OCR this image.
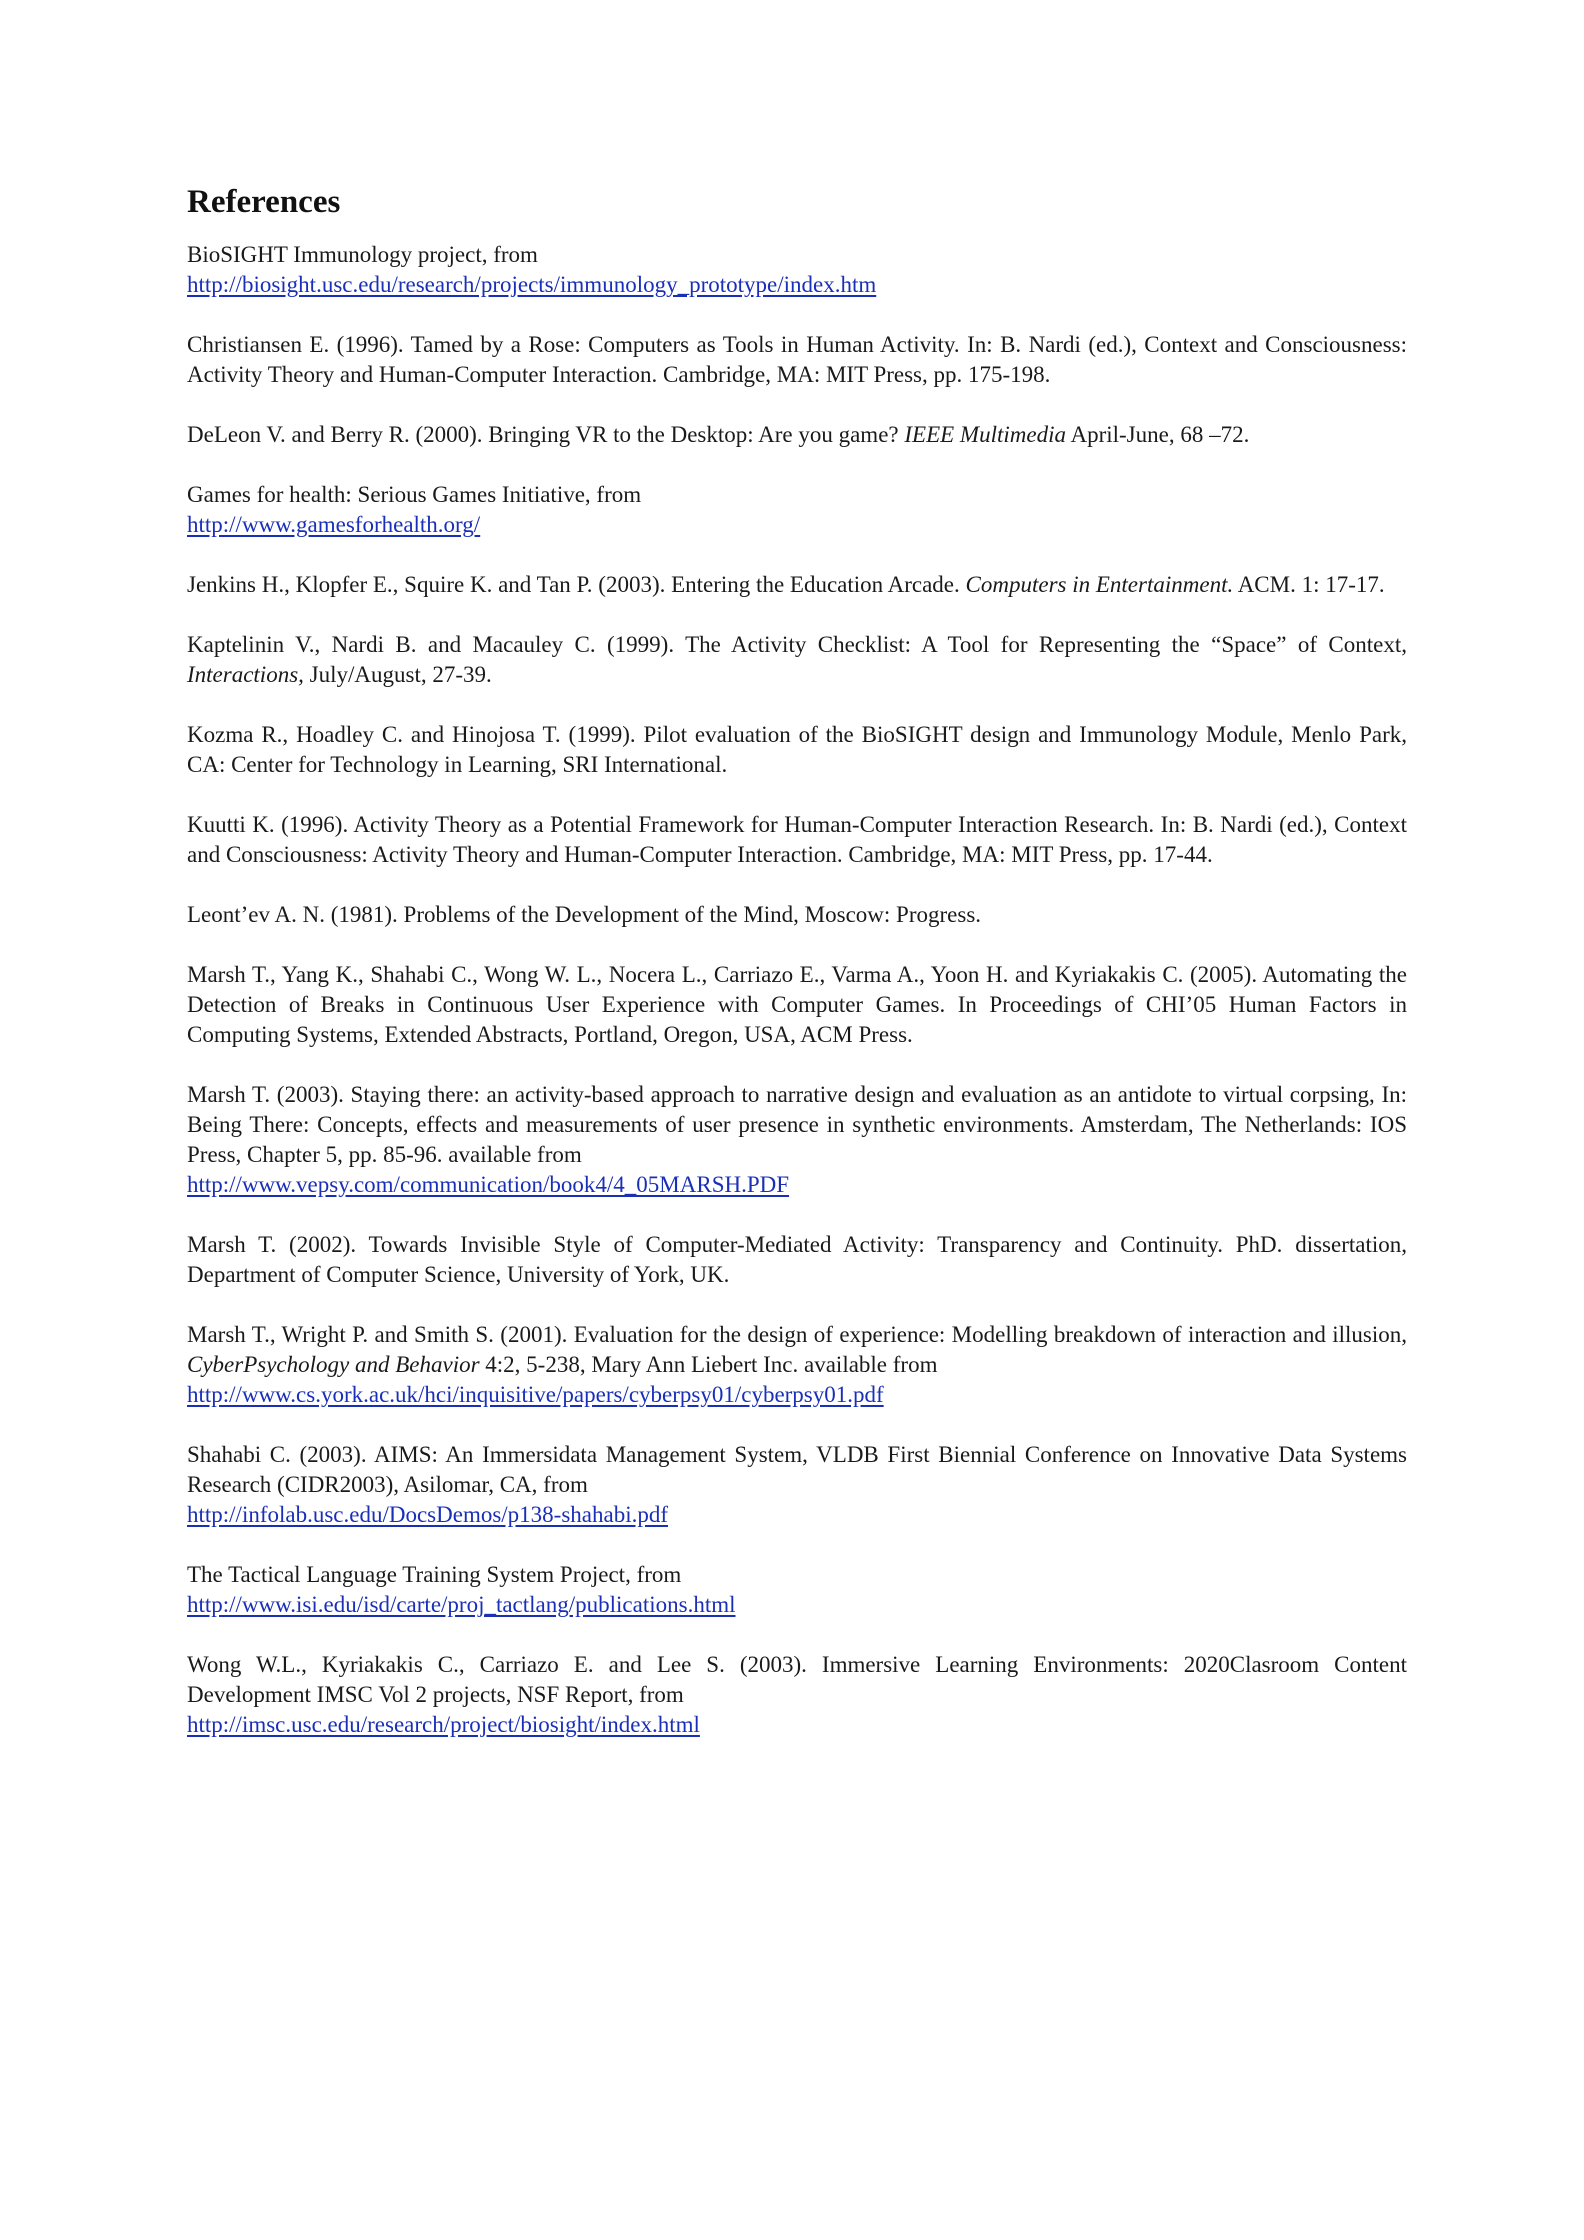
References

BioSIGHT Immunology project, from
http://biosight.usc.edu/research/projects/immunology_prototype/index.htm

Christiansen E. (1996). Tamed by a Rose: Computers as Tools in Human Activity. In: B. Nardi (ed.), Context and Consciousness: Activity Theory and Human-Computer Interaction. Cambridge, MA: MIT Press, pp. 175-198.

DeLeon V. and Berry R. (2000). Bringing VR to the Desktop: Are you game? IEEE Multimedia April-June, 68 –72.

Games for health: Serious Games Initiative, from
http://www.gamesforhealth.org/

Jenkins H., Klopfer E., Squire K. and Tan P. (2003). Entering the Education Arcade. Computers in Entertainment. ACM. 1: 17-17.

Kaptelinin V., Nardi B. and Macauley C. (1999). The Activity Checklist: A Tool for Representing the “Space” of Context, Interactions, July/August, 27-39.

Kozma R., Hoadley C. and Hinojosa T. (1999). Pilot evaluation of the BioSIGHT design and Immunology Module, Menlo Park, CA: Center for Technology in Learning, SRI International.

Kuutti K. (1996). Activity Theory as a Potential Framework for Human-Computer Interaction Research. In: B. Nardi (ed.), Context and Consciousness: Activity Theory and Human-Computer Interaction. Cambridge, MA: MIT Press, pp. 17-44.

Leont’ev A. N. (1981). Problems of the Development of the Mind, Moscow: Progress.

Marsh T., Yang K., Shahabi C., Wong W. L., Nocera L., Carriazo E., Varma A., Yoon H. and Kyriakakis C. (2005). Automating the Detection of Breaks in Continuous User Experience with Computer Games. In Proceedings of CHI’05 Human Factors in Computing Systems, Extended Abstracts, Portland, Oregon, USA, ACM Press.

Marsh T. (2003). Staying there: an activity-based approach to narrative design and evaluation as an antidote to virtual corpsing, In: Being There: Concepts, effects and measurements of user presence in synthetic environments. Amsterdam, The Netherlands: IOS Press, Chapter 5, pp. 85-96. available from
http://www.vepsy.com/communication/book4/4_05MARSH.PDF

Marsh T. (2002). Towards Invisible Style of Computer-Mediated Activity: Transparency and Continuity. PhD. dissertation, Department of Computer Science, University of York, UK.

Marsh T., Wright P. and Smith S. (2001). Evaluation for the design of experience: Modelling breakdown of interaction and illusion, CyberPsychology and Behavior 4:2, 5-238, Mary Ann Liebert Inc. available from
http://www.cs.york.ac.uk/hci/inquisitive/papers/cyberpsy01/cyberpsy01.pdf

Shahabi C. (2003). AIMS: An Immersidata Management System, VLDB First Biennial Conference on Innovative Data Systems Research (CIDR2003), Asilomar, CA, from
http://infolab.usc.edu/DocsDemos/p138-shahabi.pdf

The Tactical Language Training System Project, from
http://www.isi.edu/isd/carte/proj_tactlang/publications.html

Wong W.L., Kyriakakis C., Carriazo E. and Lee S. (2003). Immersive Learning Environments: 2020Clasroom Content Development IMSC Vol 2 projects, NSF Report, from
http://imsc.usc.edu/research/project/biosight/index.html
